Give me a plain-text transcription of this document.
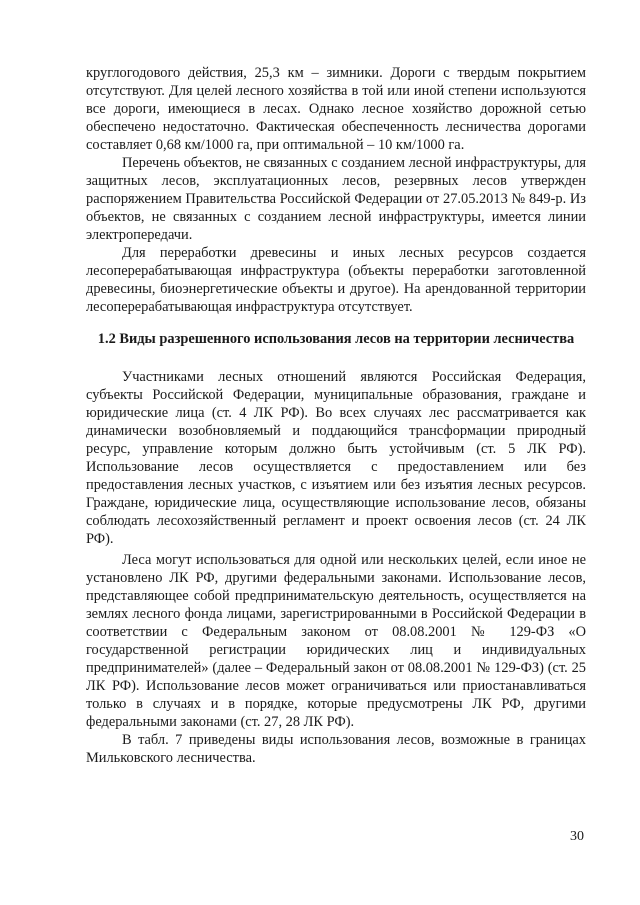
круглогодового действия, 25,3 км – зимники. Дороги с твердым покрытием отсутствуют. Для целей лесного хозяйства в той или иной степени используются все дороги, имеющиеся в лесах. Однако лесное хозяйство дорожной сетью обеспечено недостаточно. Фактическая обеспеченность лесничества дорогами составляет 0,68 км/1000 га, при оптимальной – 10 км/1000 га.

Перечень объектов, не связанных с созданием лесной инфраструктуры, для защитных лесов, эксплуатационных лесов, резервных лесов утвержден распоряжением Правительства Российской Федерации от 27.05.2013 № 849-р. Из объектов, не связанных с созданием лесной инфраструктуры, имеется линии электропередачи.

Для переработки древесины и иных лесных ресурсов создается лесоперерабатывающая инфраструктура (объекты переработки заготовленной древесины, биоэнергетические объекты и другое). На арендованной территории лесоперерабатывающая инфраструктура отсутствует.

1.2 Виды разрешенного использования лесов на территории лесничества

Участниками лесных отношений являются Российская Федерация, субъекты Российской Федерации, муниципальные образования, граждане и юридические лица (ст. 4 ЛК РФ). Во всех случаях лес рассматривается как динамически возобновляемый и поддающийся трансформации природный ресурс, управление которым должно быть устойчивым (ст. 5 ЛК РФ). Использование лесов осуществляется с предоставлением или без предоставления лесных участков, с изъятием или без изъятия лесных ресурсов. Граждане, юридические лица, осуществляющие использование лесов, обязаны соблюдать лесохозяйственный регламент и проект освоения лесов (ст. 24 ЛК РФ).

Леса могут использоваться для одной или нескольких целей, если иное не установлено ЛК РФ, другими федеральными законами. Использование лесов, представляющее собой предпринимательскую деятельность, осуществляется на землях лесного фонда лицами, зарегистрированными в Российской Федерации в соответствии с Федеральным законом от 08.08.2001 № 129-ФЗ «О государственной регистрации юридических лиц и индивидуальных предпринимателей» (далее – Федеральный закон от 08.08.2001 № 129-ФЗ) (ст. 25 ЛК РФ). Использование лесов может ограничиваться или приостанавливаться только в случаях и в порядке, которые предусмотрены ЛК РФ, другими федеральными законами (ст. 27, 28 ЛК РФ).

В табл. 7 приведены виды использования лесов, возможные в границах Мильковского лесничества.

30
